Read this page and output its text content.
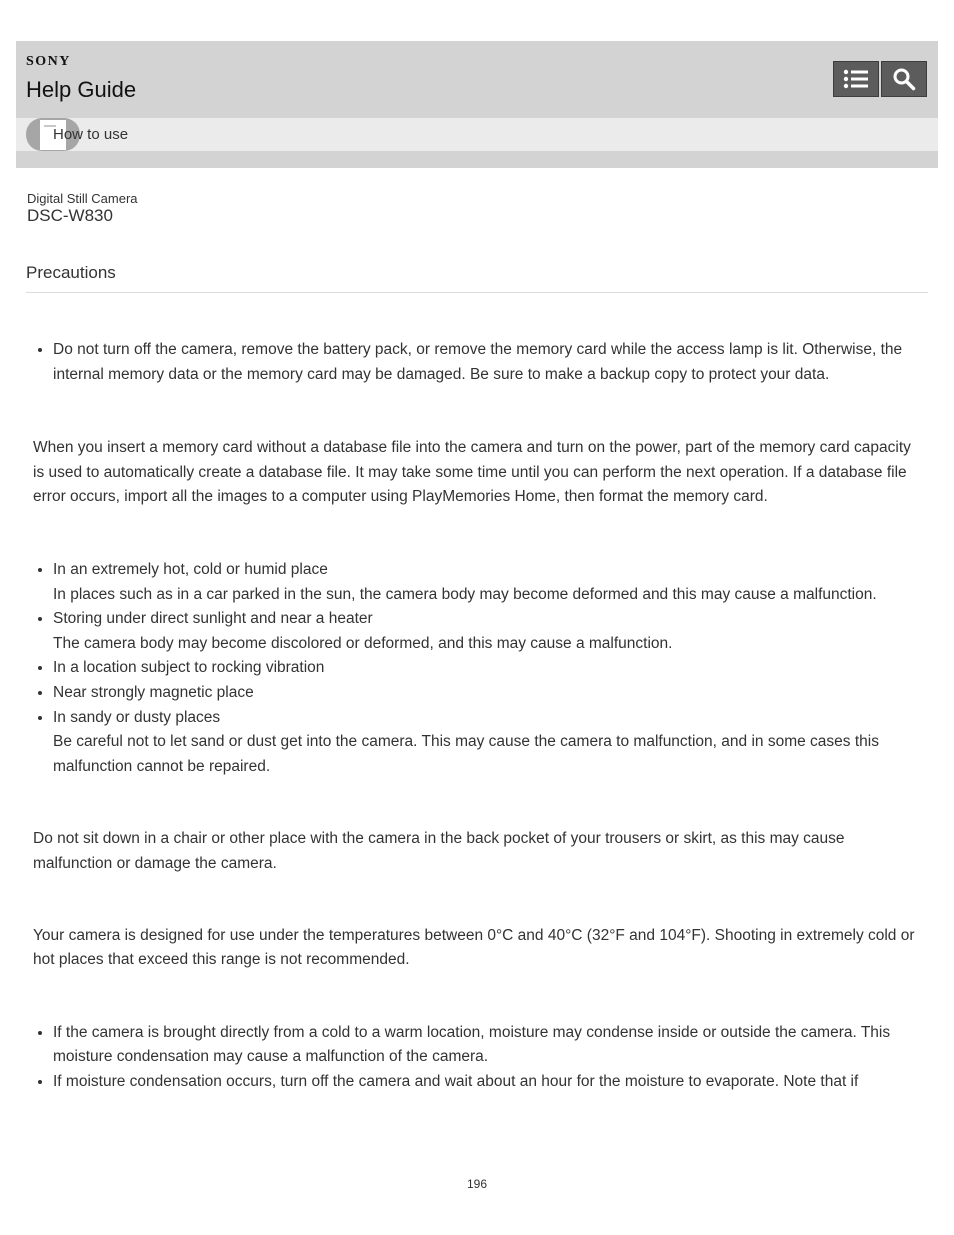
SONY
Help Guide
How to use
Digital Still Camera
DSC-W830
Precautions
• Do not turn off the camera, remove the battery pack, or remove the memory card while the access lamp is lit. Otherwise, the internal memory data or the memory card may be damaged. Be sure to make a backup copy to protect your data.

When you insert a memory card without a database file into the camera and turn on the power, part of the memory card capacity is used to automatically create a database file. It may take some time until you can perform the next operation. If a database file error occurs, import all the images to a computer using PlayMemories Home, then format the memory card.

• In an extremely hot, cold or humid place
In places such as in a car parked in the sun, the camera body may become deformed and this may cause a malfunction.
• Storing under direct sunlight and near a heater
The camera body may become discolored or deformed, and this may cause a malfunction.
• In a location subject to rocking vibration
• Near strongly magnetic place
• In sandy or dusty places
Be careful not to let sand or dust get into the camera. This may cause the camera to malfunction, and in some cases this malfunction cannot be repaired.

Do not sit down in a chair or other place with the camera in the back pocket of your trousers or skirt, as this may cause malfunction or damage the camera.

Your camera is designed for use under the temperatures between 0°C and 40°C (32°F and 104°F). Shooting in extremely cold or hot places that exceed this range is not recommended.

• If the camera is brought directly from a cold to a warm location, moisture may condense inside or outside the camera. This moisture condensation may cause a malfunction of the camera.
• If moisture condensation occurs, turn off the camera and wait about an hour for the moisture to evaporate. Note that if
196
